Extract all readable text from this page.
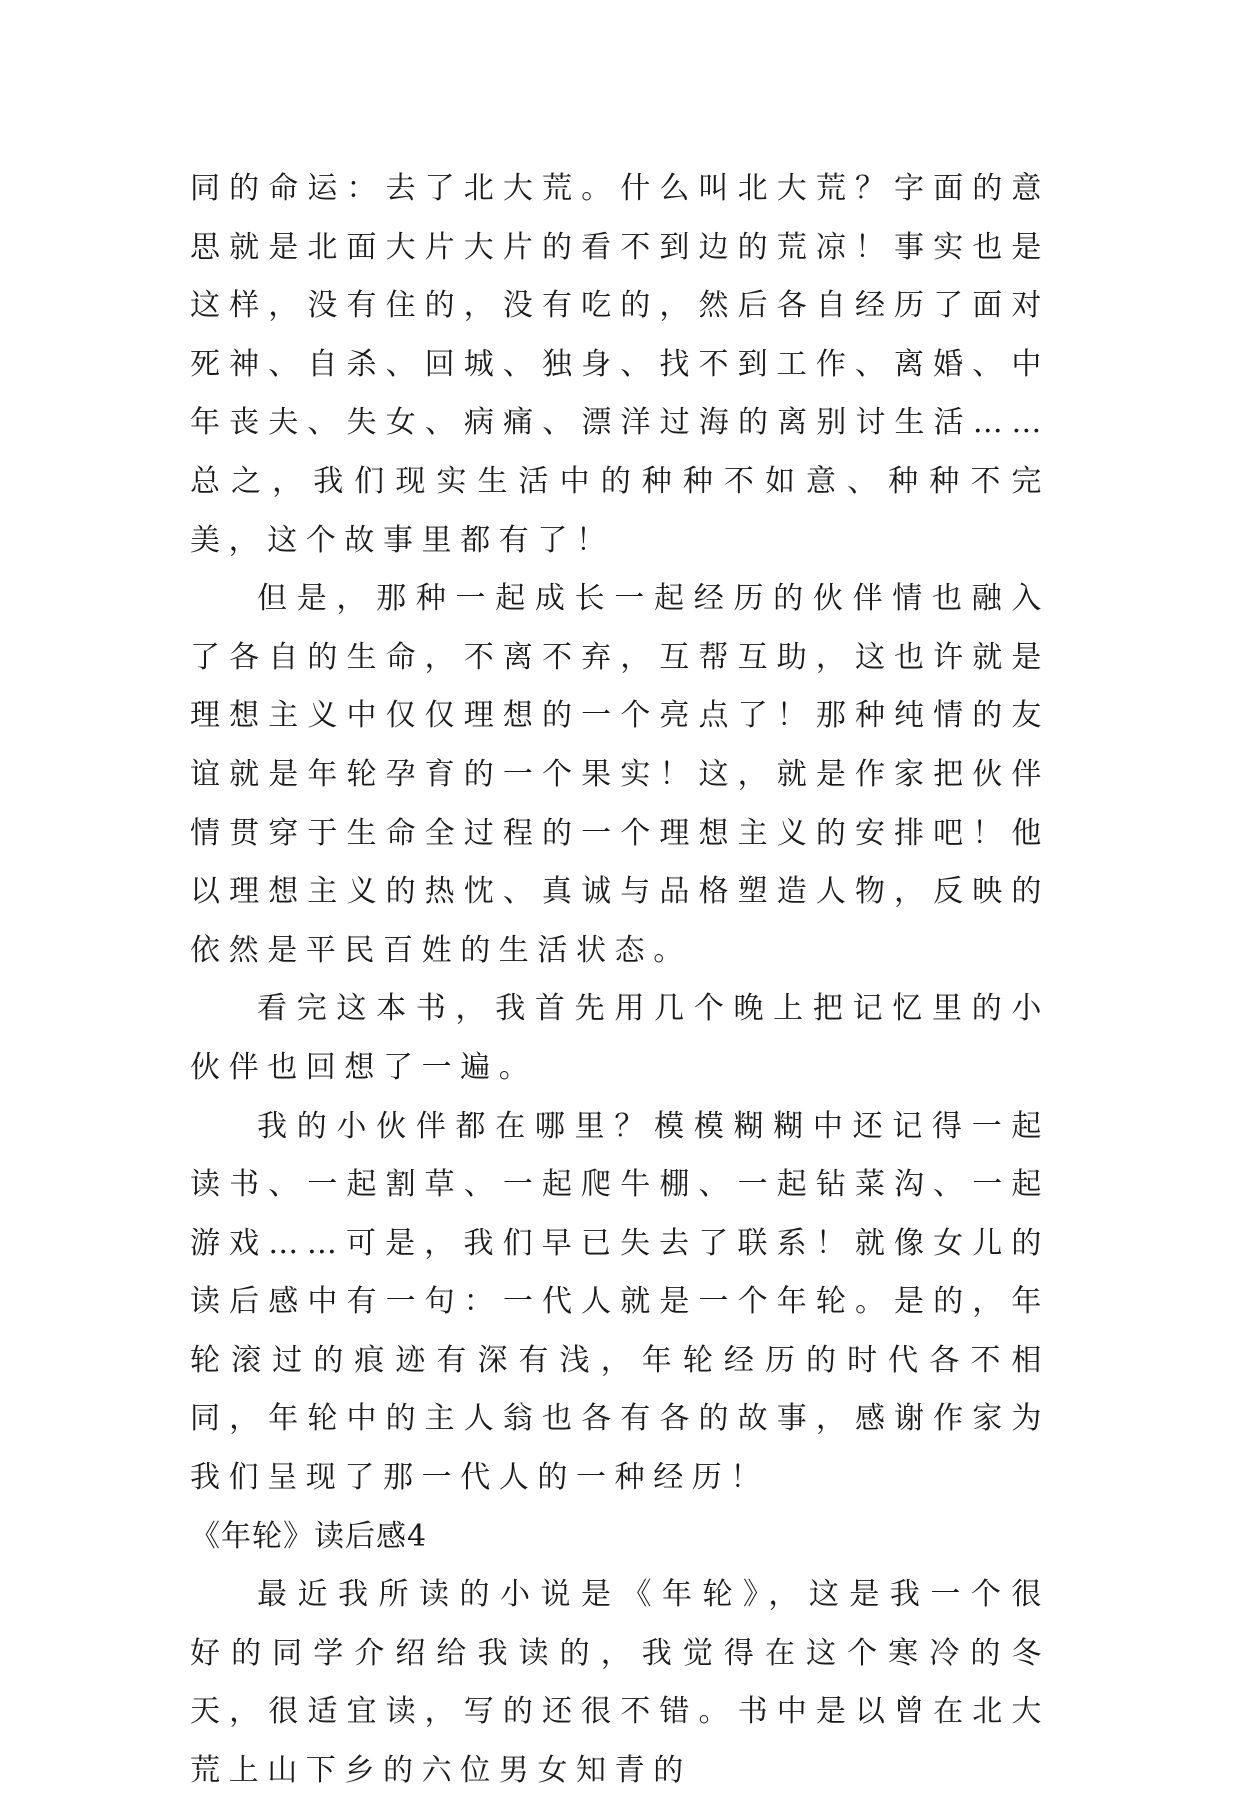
同的命运：去了北大荒。什么叫北大荒？字面的意思就是北面大片大片的看不到边的荒凉！事实也是这样，没有住的，没有吃的，然后各自经历了面对死神、自杀、回城、独身、找不到工作、离婚、中年丧夫、失女、病痛、漂洋过海的离别讨生活……总之，我们现实生活中的种种不如意、种种不完美，这个故事里都有了！

但是，那种一起成长一起经历的伙伴情也融入了各自的生命，不离不弃，互帮互助，这也许就是理想主义中仅仅理想的一个亮点了！那种纯情的友谊就是年轮孕育的一个果实！这，就是作家把伙伴情贯穿于生命全过程的一个理想主义的安排吧！他以理想主义的热忱、真诚与品格塑造人物，反映的依然是平民百姓的生活状态。

看完这本书，我首先用几个晚上把记忆里的小伙伴也回想了一遍。

我的小伙伴都在哪里？模模糊糊中还记得一起读书、一起割草、一起爬牛棚、一起钻菜沟、一起游戏……可是，我们早已失去了联系！就像女儿的读后感中有一句：一代人就是一个年轮。是的，年轮滚过的痕迹有深有浅，年轮经历的时代各不相同，年轮中的主人翁也各有各的故事，感谢作家为我们呈现了那一代人的一种经历！

《年轮》读后感4

最近我所读的小说是《年轮》，这是我一个很好的同学介绍给我读的，我觉得在这个寒冷的冬天，很适宜读，写的还很不错。书中是以曾在北大荒上山下乡的六位男女知青的
